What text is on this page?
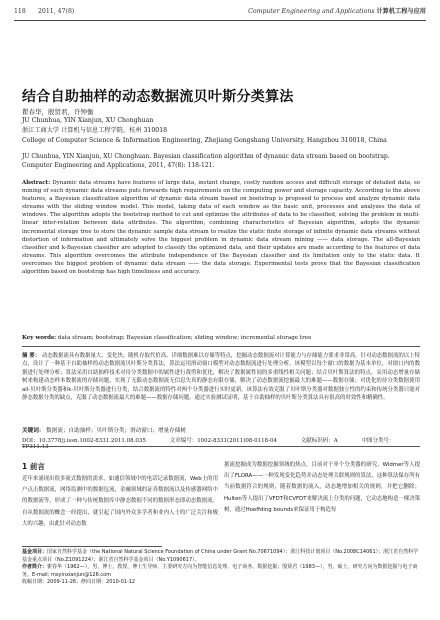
118 2011, 47(8)	Computer Engineering and Applications 计算机工程与应用
结合自助抽样的动态数据流贝叶斯分类算法
瞿春华，殷贤君，许钟衡
JU Chunhua, YIN Xianjun, XU Chonghuan
浙江工商大学 计算机与信息工程学院，杭州 310018
College of Computer Science & Information Engineering, Zhejiang Gongshang University, Hangzhou 310018, China
JU Chunhua, YIN Xianjun, XU Chonghuan. Bayesian classification algorithm of dynamic data stream based on bootstrap. Computer Engineering and Applications, 2011, 47(8): 118-121.
Abstract: Dynamic data streams have features of large data, instant change, costly random access and difficult storage of detailed data, so mining of such dynamic data streams puts forwards high requirements on the computing power and storage capacity. According to the above features, a Bayesian classification algorithm of dynamic data stream based on bootstrap is proposed to process and analyze dynamic data streams with the sliding window model. This model, taking data of each window as the basic unit, processes and analyzes the data of windows. The algorithm adopts the bootstrap method to cut and optimize the attributes of data to be classified, solving the problem in multi-linear inter-relation between data attributes. The algorithm, combining characteristics of Bayesian algorithm, adopts the dynamic incremental storage tree to store the dynamic sample data stream to realize the static finite storage of infinite dynamic data streams without distortion of information and ultimately solve the biggest problem in dynamic data stream mining —— data storage. The all-Bayesian classifier and k-Bayesian classifier are adopted to classify the optimized data, and their updates are made according to the features of data streams. This algorithm overcomes the attribute independence of the Bayesian classifier and its limitation only to the static data. It overcomes the biggest problem of dynamic data stream —— the data storage. Experimental tests prove that the Bayesian classification algorithm based on bootstrap has high timeliness and accuracy.
Key words: data stream; bootstrap; Bayesian classification; sliding window; incremental storage tree
摘 要： 动态数据流具有数据量大、变化快、随机存取代价高、详细数据难以存储等特点，挖掘动态数据流对计算能力与存储能力要求非常高。针对动态数据流的以上特点，设计了一种基于自助抽样的动态数据流贝叶斯分类算法，算法运用滑动窗口模型对动态数据流进行处理分析，该模型以每个窗口的数据为基本单位，对窗口内的数据进行处理分析；算法采用自助抽样技术对待分类数据中的属性进行裁剪和优化，解决了数据属性间的多重线性相关问题；结合贝叶斯算法的特点，采用动态增量存储树来构建动态样本数据流的存储问题，实现了无限动态数据流无信息失真的静态有限存储，解决了动态数据流挖掘最大的难题——数据存储；对优化的待分类数据使用all-贝叶斯分类器和k-贝叶斯分类器进行分类，结合数据流的特性对两个分类器进行实时更新。该算法有效克服了贝叶斯分类器对数据独立性的约束和传统分类器只能对静态数据分类的缺点，克服了动态数据流最大的难题——数据存储问题。通过实验测试证明，基于自助抽样的贝叶斯分类算法具有很高的时效性和精确性。
关键词： 数据流；自助抽样；贝叶斯分类；滑动窗口；增量存储树
DOI：10.3778/j.issn.1002-8331.2011.08.035	文章编号：1002-8331(2011)08-0118-04	文献标识码：A	中图分类号：TP311.13
1 前言
近年来涌现出很多流式数据的需求，如通信领域中的电话记录数据流，Web上的用户点击数据流，网络监测中的数据包流，金融领域的证券数据流以及传感器网络中的数据流等，形成了一种与传统数据库中静态数据不同的数据形态即动态数据流。自从数据流的概念一经提出，就引起了国内外众多学者和业内人士的广泛关注和极大的兴趣，由此针对动态数
据流挖掘成为数据挖掘领域的热点。目前对于单个分类器的研究，Widmer等人提出了FLORA——一种发现变化趋势并动态处理关联规则的算法，这种算法保存所有当前数据符合的规则，随着数据的流入，动态地增加相关的规则，并把它删除；Hulten等人提出了VFDT和CVFDT来解决流上分类的问题，它动态地构造一棵决策树，通过Hoeffding bounds来保证用于构造每
基金项目：国家自然科学基金（the National Natural Science Foundation of China under Grant No.70671094）；浙江科技计划项目（No.2008C14061）；浙江省自然科学基金重点项目（No.Z1091224）；浙江省自然科学基金项目（No.Y1090617）。
作者简介：瞿春华（1962—），男，博士，教授，博士生导师，主要研究方向为智能信息处理、电子商务、数据挖掘；殷贤君（1983—），男，硕士，研究方向为数据挖掘与电子商务。E-mail: msyinxianjun@126.com
收稿日期：2009-11-26；修回日期：2010-01-12
